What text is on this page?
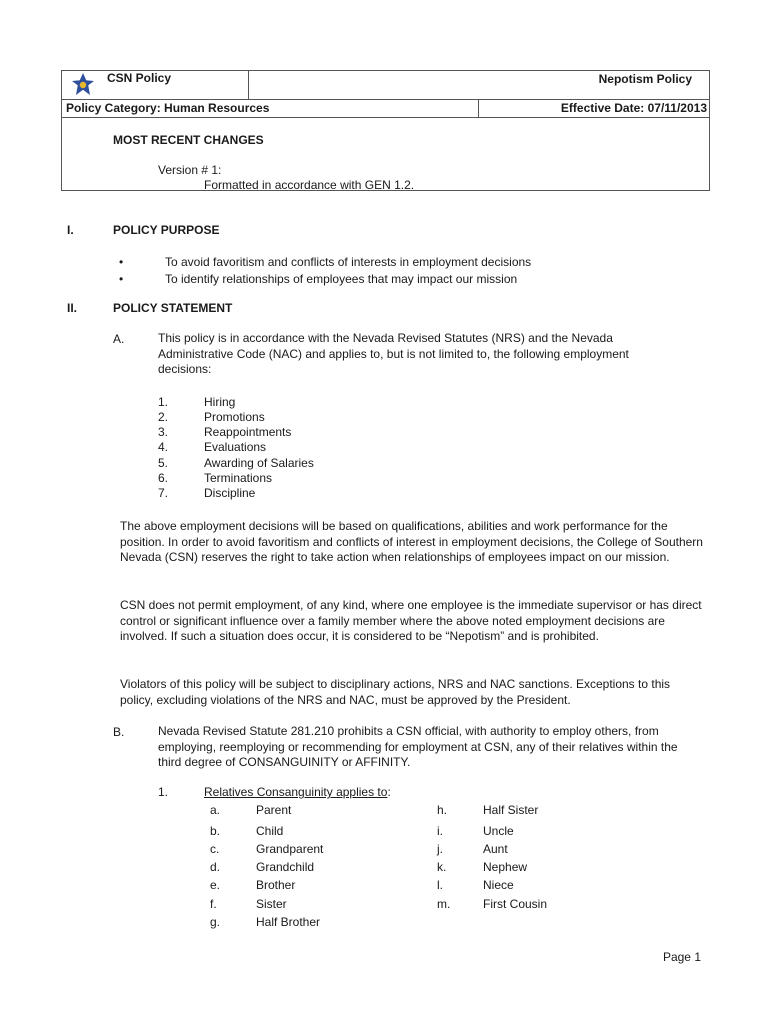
CSN Policy	Nepotism Policy
Policy Category: Human Resources	Effective Date: 07/11/2013
MOST RECENT CHANGES
Version # 1:
Formatted in accordance with GEN 1.2.
I.	POLICY PURPOSE
•	To avoid favoritism and conflicts of interests in employment decisions
•	To identify relationships of employees that may impact our mission
II.	POLICY STATEMENT
A.	This policy is in accordance with the Nevada Revised Statutes (NRS) and the Nevada Administrative Code (NAC) and applies to, but is not limited to, the following employment decisions:
1.	Hiring
2.	Promotions
3.	Reappointments
4.	Evaluations
5.	Awarding of Salaries
6.	Terminations
7.	Discipline
The above employment decisions will be based on qualifications, abilities and work performance for the position. In order to avoid favoritism and conflicts of interest in employment decisions, the College of Southern Nevada (CSN) reserves the right to take action when relationships of employees impact on our mission.
CSN does not permit employment, of any kind, where one employee is the immediate supervisor or has direct control or significant influence over a family member where the above noted employment decisions are involved. If such a situation does occur, it is considered to be “Nepotism” and is prohibited.
Violators of this policy will be subject to disciplinary actions, NRS and NAC sanctions. Exceptions to this policy, excluding violations of the NRS and NAC, must be approved by the President.
B.	Nevada Revised Statute 281.210 prohibits a CSN official, with authority to employ others, from employing, reemploying or recommending for employment at CSN, any of their relatives within the third degree of CONSANGUINITY or AFFINITY.
1.	Relatives Consanguinity applies to:
a.	Parent
b.	Child
c.	Grandparent
d.	Grandchild
e.	Brother
f.	Sister
g.	Half Brother
h.	Half Sister
i.	Uncle
j.	Aunt
k.	Nephew
l.	Niece
m.	First Cousin
Page 1
